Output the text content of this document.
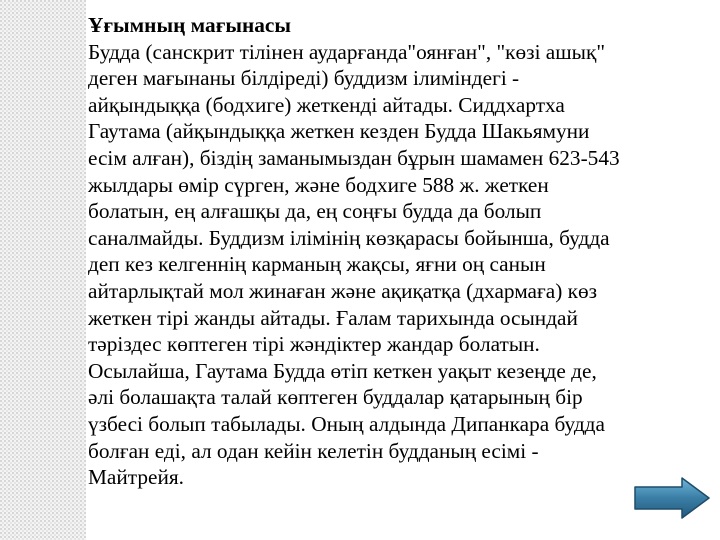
Ұғымның мағынасы

Будда (санскрит тілінен аударғанда"оянған", "көзі ашық"

деген мағынаны білдіреді) буддизм ілиміндегі -

айқындыққа (бодхиге) жеткенді айтады. Сиддхартха

Гаутама (айқындыққа жеткен кезден Будда Шакьямуни

есім алған), біздің заманымыздан бұрын шамамен 623-543

жылдары өмір сүрген, және бодхиге 588 ж. жеткен

болатын, ең алғашқы да, ең соңғы будда да болып

саналмайды. Буддизм ілімінің көзқарасы бойынша, будда

деп кез келгеннің карманың жақсы, яғни оң санын

айтарлықтай мол жинаған және ақиқатқа (дхармаға) көз

жеткен тірі жанды айтады. Ғалам тарихында осындай

тәріздес көптеген тірі жәндіктер жандар болатын.

Осылайша, Гаутама Будда өтіп кеткен уақыт кезеңде де,

әлі болашақта талай көптеген буддалар қатарының бір

үзбесі болып табылады. Оның алдында Дипанкара будда

болған еді, ал одан кейін келетін будданың есімі -

Майтрейя.
